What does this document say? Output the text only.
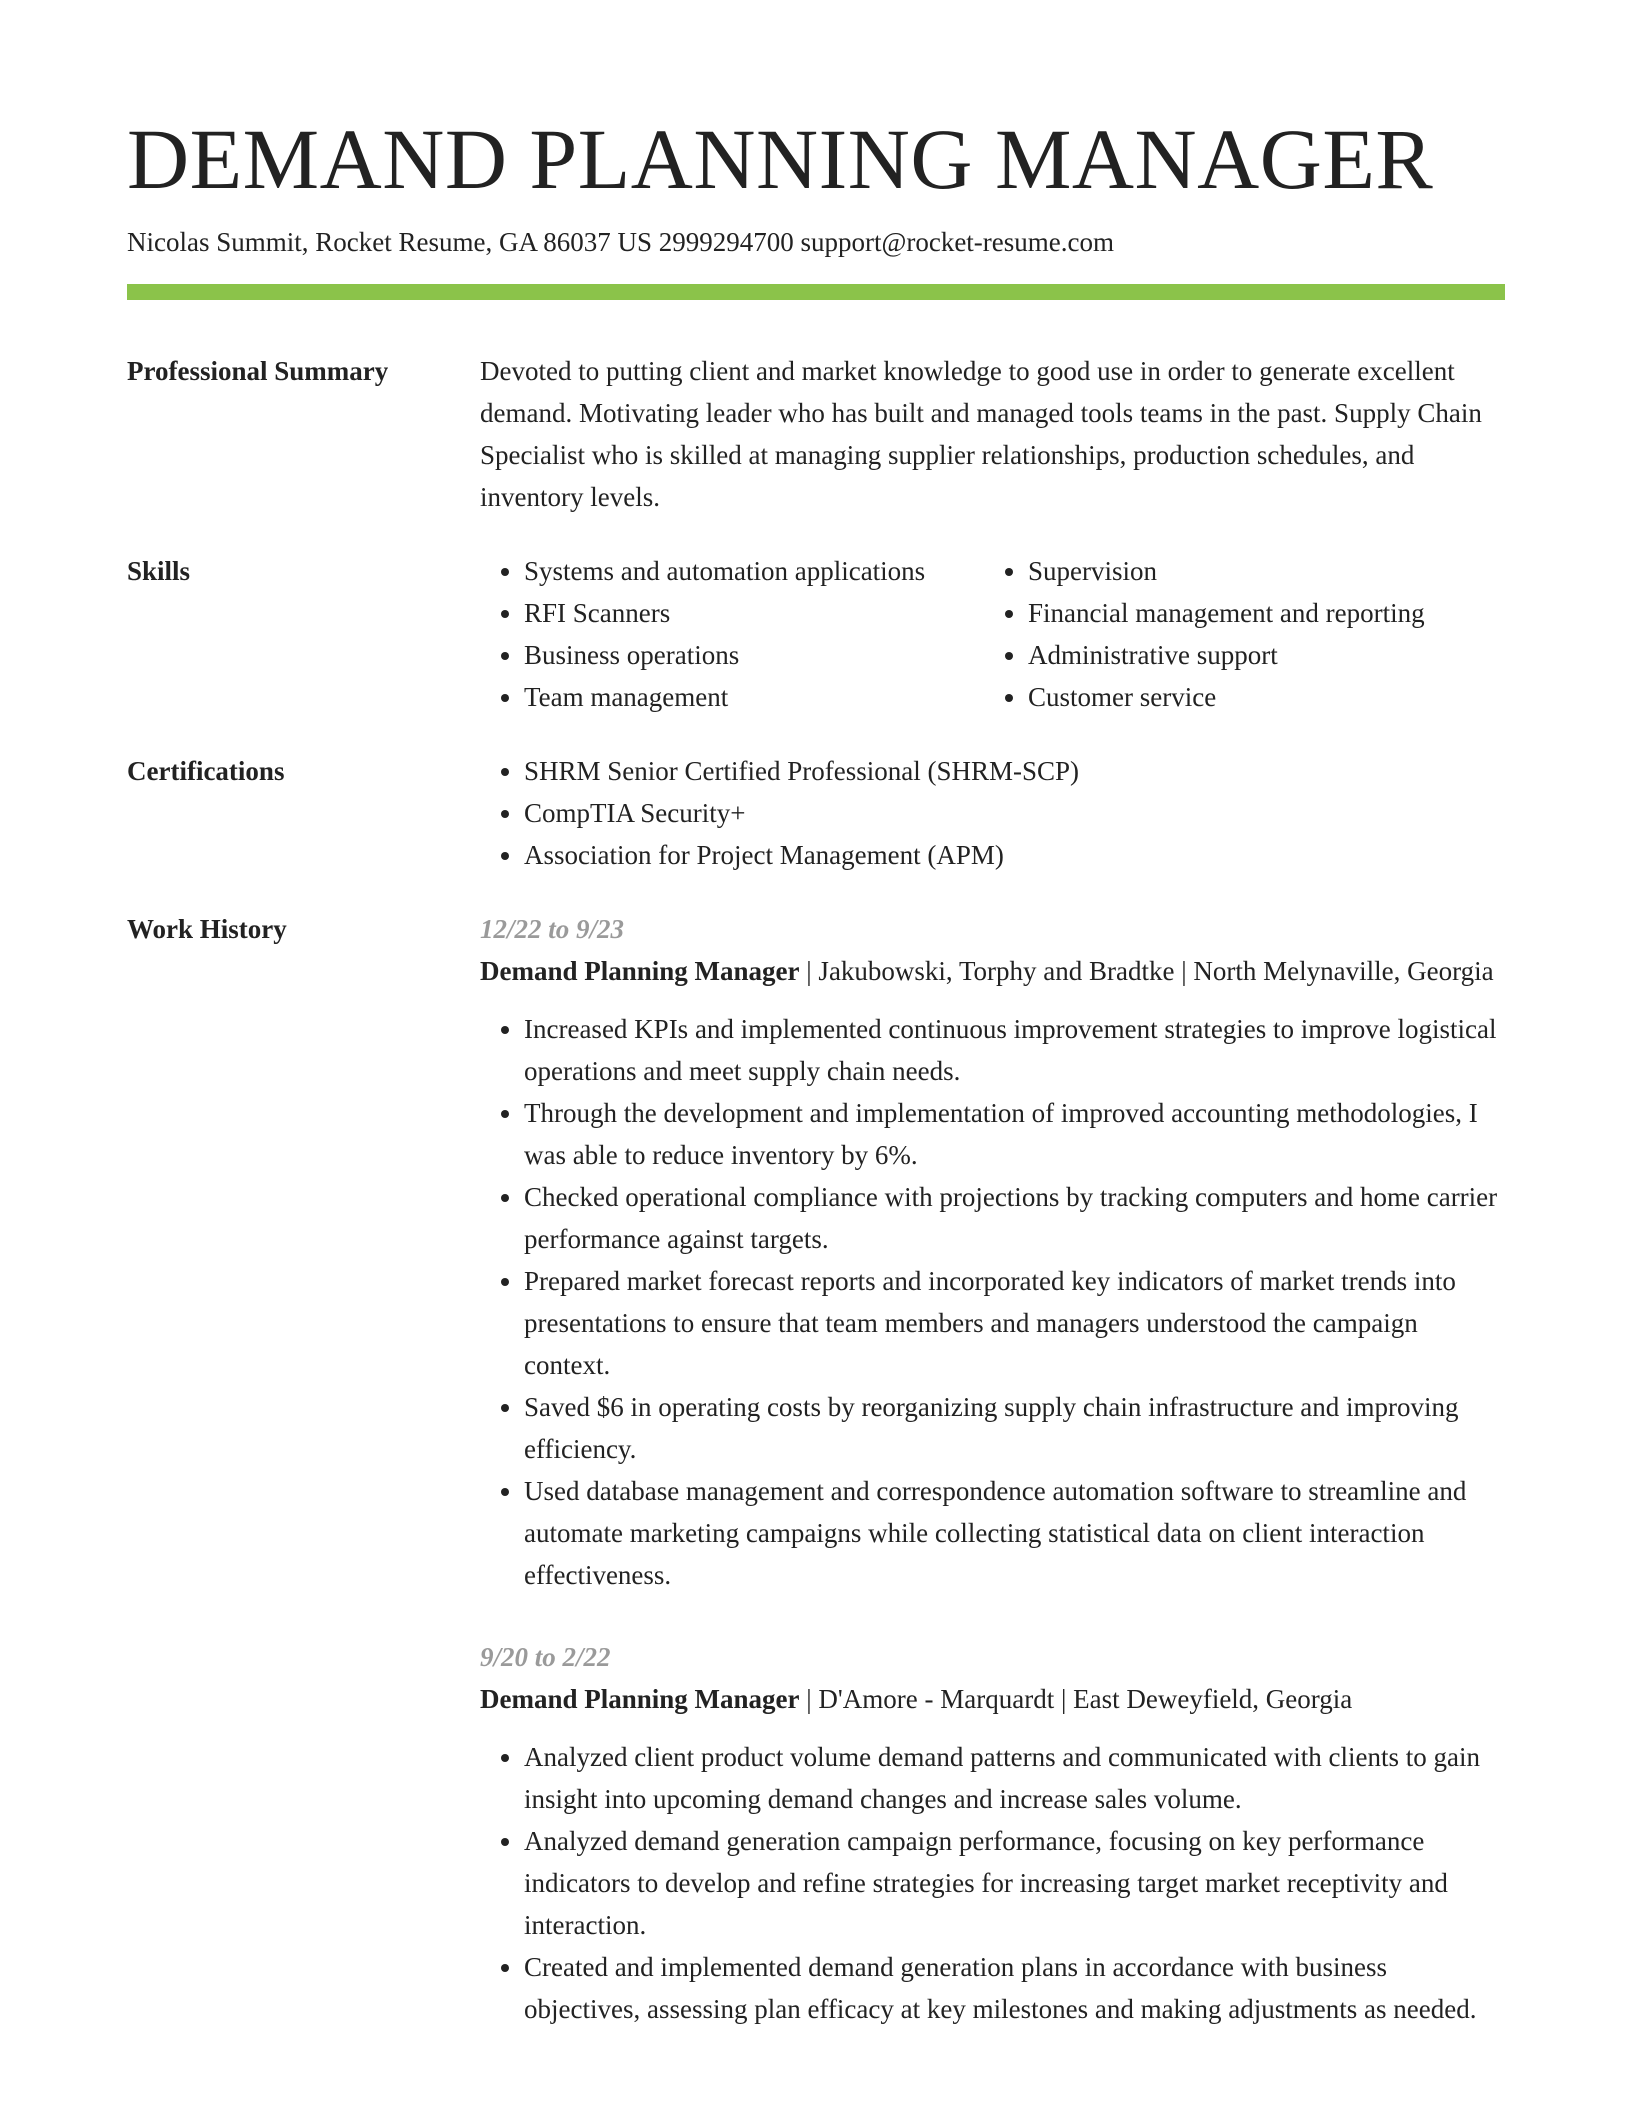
DEMAND PLANNING MANAGER
Nicolas Summit, Rocket Resume, GA 86037 US 2999294700 support@rocket-resume.com
Professional Summary	Devoted to putting client and market knowledge to good use in order to generate excellent demand. Motivating leader who has built and managed tools teams in the past. Supply Chain Specialist who is skilled at managing supplier relationships, production schedules, and inventory levels.
Skills	• Systems and automation applications
• RFI Scanners
• Business operations
• Team management
• Supervision
• Financial management and reporting
• Administrative support
• Customer service
Certifications	• SHRM Senior Certified Professional (SHRM-SCP)
• CompTIA Security+
• Association for Project Management (APM)
Work History	12/22 to 9/23
Demand Planning Manager | Jakubowski, Torphy and Bradtke | North Melynaville, Georgia
• Increased KPIs and implemented continuous improvement strategies to improve logistical operations and meet supply chain needs.
• Through the development and implementation of improved accounting methodologies, I was able to reduce inventory by 6%.
• Checked operational compliance with projections by tracking computers and home carrier performance against targets.
• Prepared market forecast reports and incorporated key indicators of market trends into presentations to ensure that team members and managers understood the campaign context.
• Saved $6 in operating costs by reorganizing supply chain infrastructure and improving efficiency.
• Used database management and correspondence automation software to streamline and automate marketing campaigns while collecting statistical data on client interaction effectiveness.
9/20 to 2/22
Demand Planning Manager | D'Amore - Marquardt | East Deweyfield, Georgia
• Analyzed client product volume demand patterns and communicated with clients to gain insight into upcoming demand changes and increase sales volume.
• Analyzed demand generation campaign performance, focusing on key performance indicators to develop and refine strategies for increasing target market receptivity and interaction.
• Created and implemented demand generation plans in accordance with business objectives, assessing plan efficacy at key milestones and making adjustments as needed.
